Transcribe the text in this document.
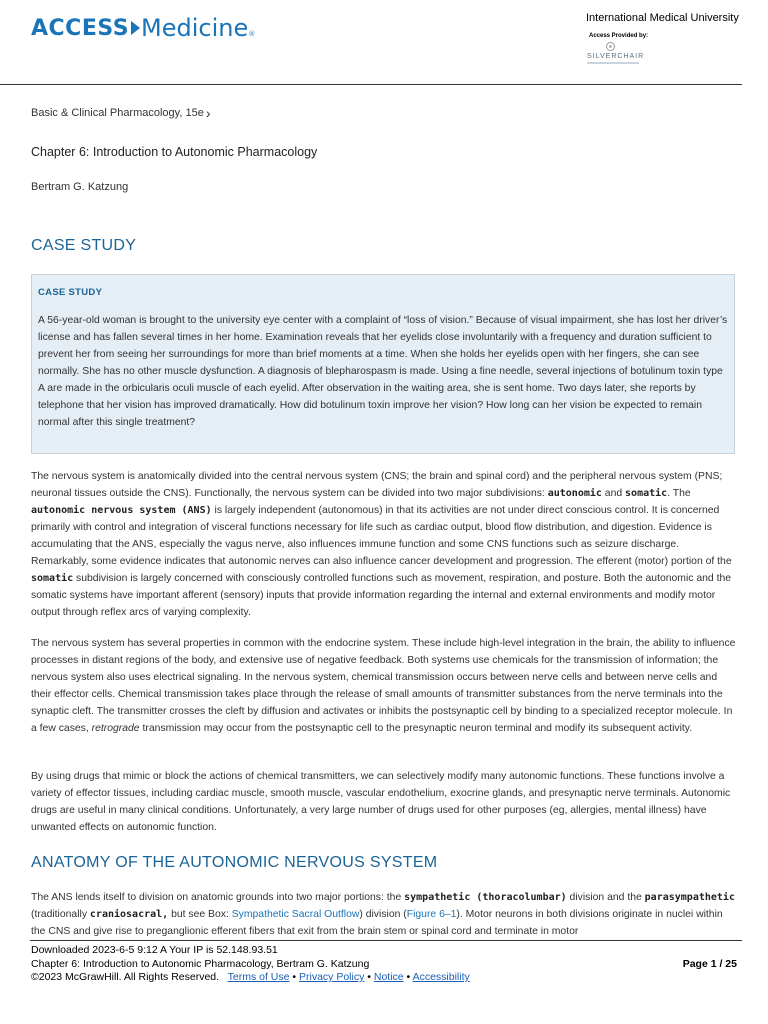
ACCESS Medicine ®
International Medical University
Access Provided by:
SILVERCHAIR
Basic & Clinical Pharmacology, 15e ›
Chapter 6: Introduction to Autonomic Pharmacology
Bertram G. Katzung
CASE STUDY
CASE STUDY
A 56-year-old woman is brought to the university eye center with a complaint of “loss of vision.” Because of visual impairment, she has lost her driver’s license and has fallen several times in her home. Examination reveals that her eyelids close involuntarily with a frequency and duration sufficient to prevent her from seeing her surroundings for more than brief moments at a time. When she holds her eyelids open with her fingers, she can see normally. She has no other muscle dysfunction. A diagnosis of blepharospasm is made. Using a fine needle, several injections of botulinum toxin type A are made in the orbicularis oculi muscle of each eyelid. After observation in the waiting area, she is sent home. Two days later, she reports by telephone that her vision has improved dramatically. How did botulinum toxin improve her vision? How long can her vision be expected to remain normal after this single treatment?
The nervous system is anatomically divided into the central nervous system (CNS; the brain and spinal cord) and the peripheral nervous system (PNS; neuronal tissues outside the CNS). Functionally, the nervous system can be divided into two major subdivisions: autonomic and somatic. The autonomic nervous system (ANS) is largely independent (autonomous) in that its activities are not under direct conscious control. It is concerned primarily with control and integration of visceral functions necessary for life such as cardiac output, blood flow distribution, and digestion. Evidence is accumulating that the ANS, especially the vagus nerve, also influences immune function and some CNS functions such as seizure discharge. Remarkably, some evidence indicates that autonomic nerves can also influence cancer development and progression. The efferent (motor) portion of the somatic subdivision is largely concerned with consciously controlled functions such as movement, respiration, and posture. Both the autonomic and the somatic systems have important afferent (sensory) inputs that provide information regarding the internal and external environments and modify motor output through reflex arcs of varying complexity.
The nervous system has several properties in common with the endocrine system. These include high-level integration in the brain, the ability to influence processes in distant regions of the body, and extensive use of negative feedback. Both systems use chemicals for the transmission of information; the nervous system also uses electrical signaling. In the nervous system, chemical transmission occurs between nerve cells and between nerve cells and their effector cells. Chemical transmission takes place through the release of small amounts of transmitter substances from the nerve terminals into the synaptic cleft. The transmitter crosses the cleft by diffusion and activates or inhibits the postsynaptic cell by binding to a specialized receptor molecule. In a few cases, retrograde transmission may occur from the postsynaptic cell to the presynaptic neuron terminal and modify its subsequent activity.
By using drugs that mimic or block the actions of chemical transmitters, we can selectively modify many autonomic functions. These functions involve a variety of effector tissues, including cardiac muscle, smooth muscle, vascular endothelium, exocrine glands, and presynaptic nerve terminals. Autonomic drugs are useful in many clinical conditions. Unfortunately, a very large number of drugs used for other purposes (eg, allergies, mental illness) have unwanted effects on autonomic function.
ANATOMY OF THE AUTONOMIC NERVOUS SYSTEM
The ANS lends itself to division on anatomic grounds into two major portions: the sympathetic (thoracolumbar) division and the parasympathetic (traditionally craniosacral, but see Box: Sympathetic Sacral Outflow) division (Figure 6–1). Motor neurons in both divisions originate in nuclei within the CNS and give rise to preganglionic efferent fibers that exit from the brain stem or spinal cord and terminate in motor
Downloaded 2023-6-5 9:12 A Your IP is 52.148.93.51
Chapter 6: Introduction to Autonomic Pharmacology, Bertram G. Katzung
©2023 McGrawHill. All Rights Reserved. Terms of Use • Privacy Policy • Notice • Accessibility
Page 1 / 25
